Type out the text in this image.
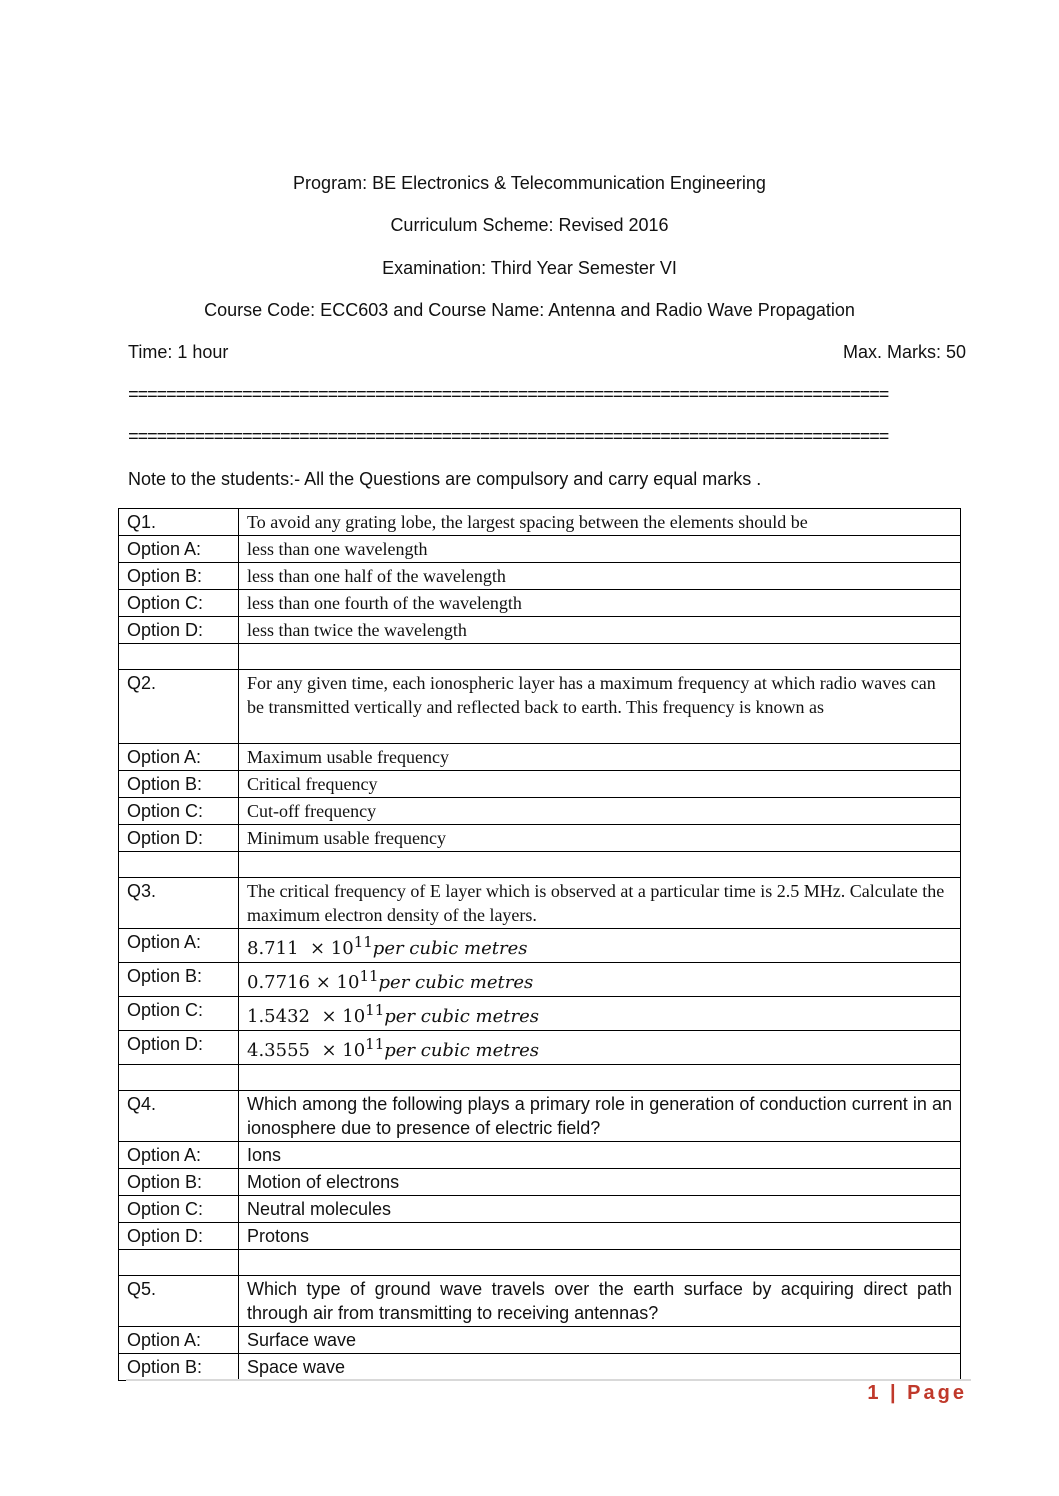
Program: BE Electronics & Telecommunication Engineering
Curriculum Scheme: Revised 2016
Examination: Third Year Semester VI
Course Code: ECC603 and Course Name: Antenna and Radio Wave Propagation
Time: 1 hour	Max. Marks: 50
================================================================================
================================================================================
Note to the students:- All the Questions are compulsory and carry equal marks .
Q1.	To avoid any grating lobe, the largest spacing between the elements should be
Option A:	less than one wavelength
Option B:	less than one half of the wavelength
Option C:	less than one fourth of the wavelength
Option D:	less than twice the wavelength

Q2.	For any given time, each ionospheric layer has a maximum frequency at which radio waves can be transmitted vertically and reflected back to earth. This frequency is known as
Option A:	Maximum usable frequency
Option B:	Critical frequency
Option C:	Cut-off frequency
Option D:	Minimum usable frequency

Q3.	The critical frequency of E layer which is observed at a particular time is 2.5 MHz. Calculate the maximum electron density of the layers.
Option A:	$8.711 \times 10^{11}per$ cubic metres
Option B:	$0.7716 \times 10^{11}per$ cubic metres
Option C:	$1.5432 \times 10^{11}per$ cubic metres
Option D:	$4.3555 \times 10^{11}per$ cubic metres

Q4.	Which among the following plays a primary role in generation of conduction current in an ionosphere due to presence of electric field?
Option A:	Ions
Option B:	Motion of electrons
Option C:	Neutral molecules
Option D:	Protons

Q5.	Which type of ground wave travels over the earth surface by acquiring direct path through air from transmitting to receiving antennas?
Option A:	Surface wave
Option B:	Space wave
1 | Page
